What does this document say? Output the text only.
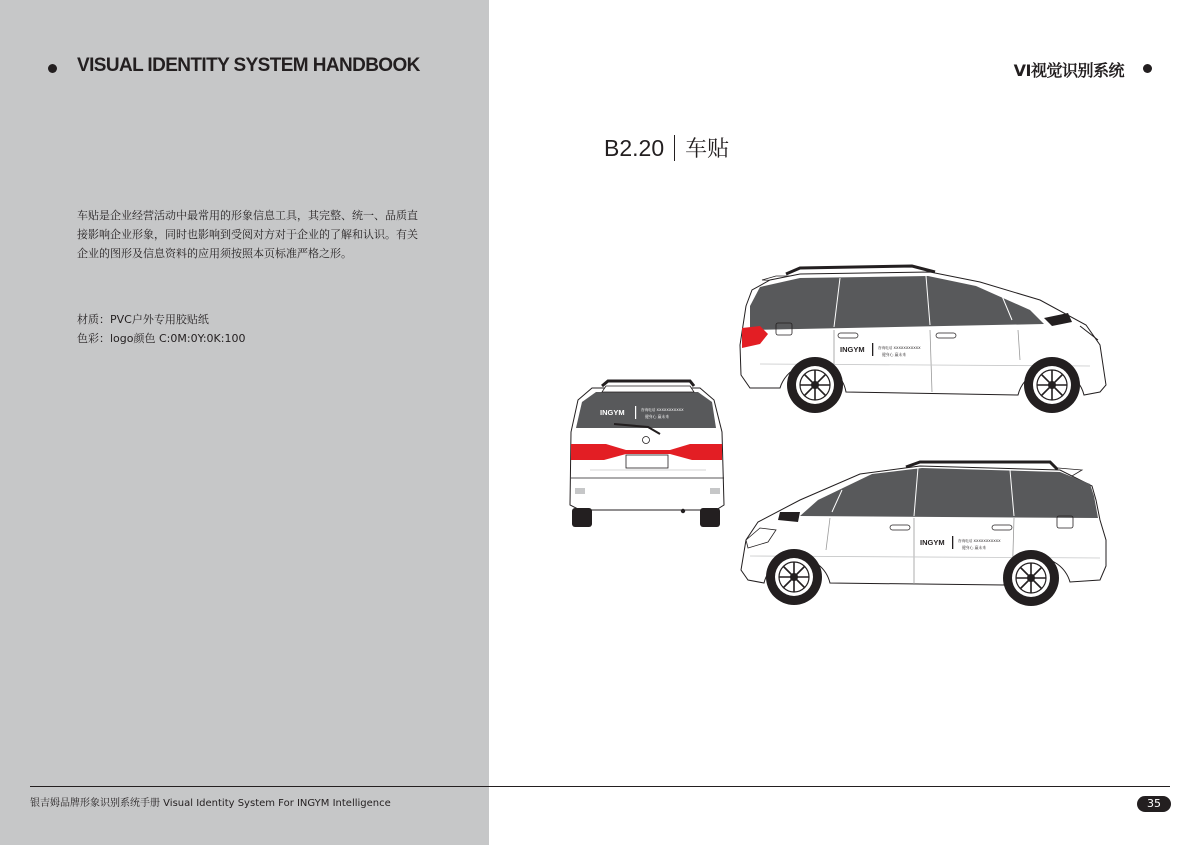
VISUAL IDENTITY SYSTEM HANDBOOK	VI视觉识别系统
B2.20 车贴
车贴是企业经营活动中最常用的形象信息工具，其完整、统一、品质直
接影响企业形象，同时也影响到受阅对方对于企业的了解和认识。有关
企业的图形及信息资料的应用须按照本页标准严格之形。
材质：PVC户外专用胶贴纸
色彩：logo颜色 C:0M:0Y:0K:100
INGYM	咨询电话 XXXXXXXXXXX
健身心 赢未来
INGYM	咨询电话 XXXXXXXXXXX
健身心 赢未来
INGYM	咨询电话 XXXXXXXXXXX
健身心 赢未来
银吉姆品牌形象识别系统手册 Visual Identity System For INGYM Intelligence	35
